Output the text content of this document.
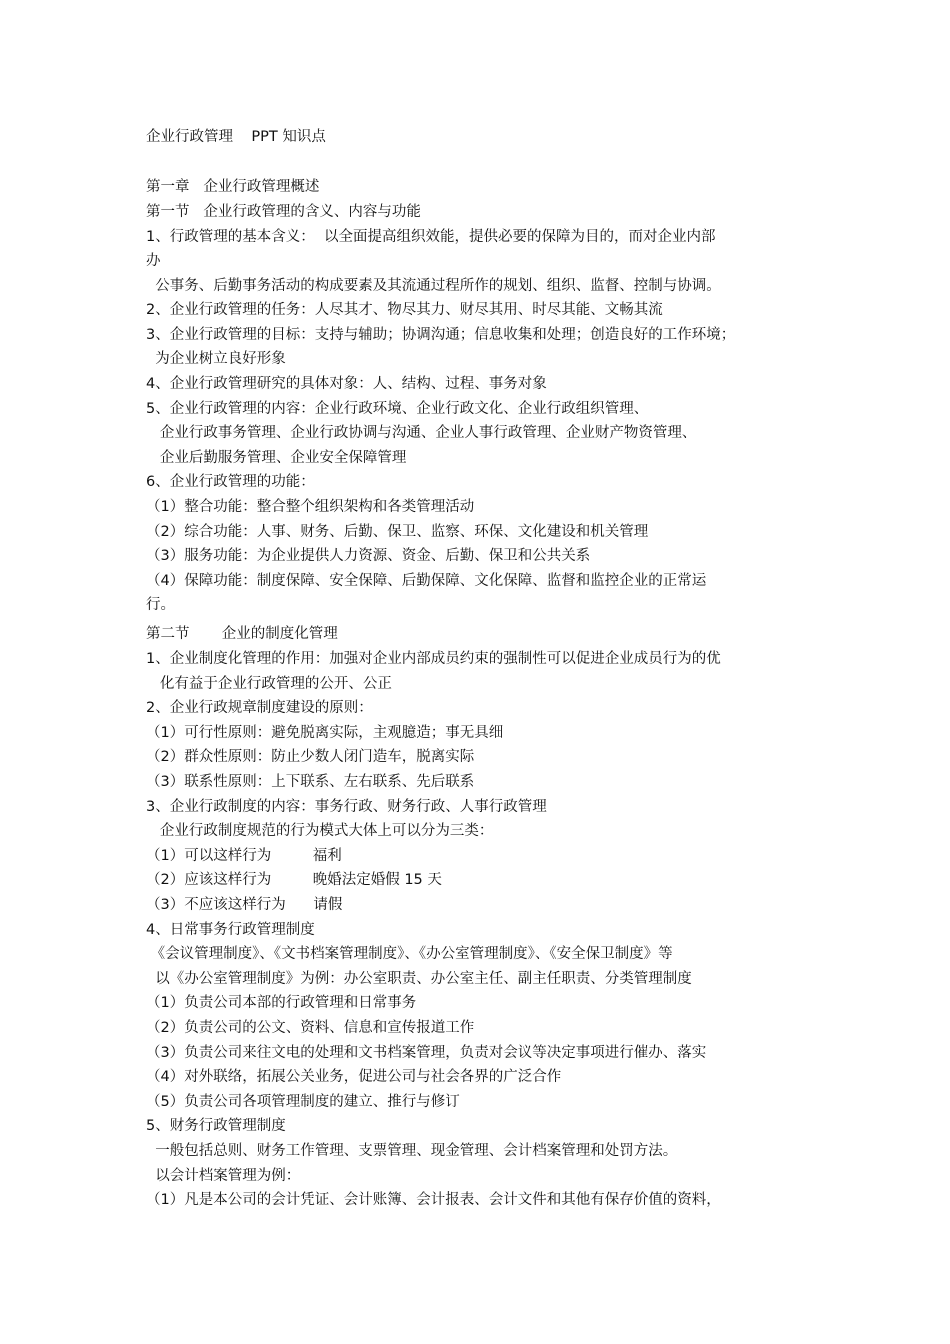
企业行政管理    PPT 知识点
第一章   企业行政管理概述
第一节   企业行政管理的含义、内容与功能
1、行政管理的基本含义：  以全面提高组织效能，提供必要的保障为目的，而对企业内部
办
公事务、后勤事务活动的构成要素及其流通过程所作的规划、组织、监督、控制与协调。
2、企业行政管理的任务：人尽其才、物尽其力、财尽其用、时尽其能、文畅其流
3、企业行政管理的目标：支持与辅助；协调沟通；信息收集和处理；创造良好的工作环境；
为企业树立良好形象
4、企业行政管理研究的具体对象：人、结构、过程、事务对象
5、企业行政管理的内容：企业行政环境、企业行政文化、企业行政组织管理、
企业行政事务管理、企业行政协调与沟通、企业人事行政管理、企业财产物资管理、
企业后勤服务管理、企业安全保障管理
6、企业行政管理的功能：
（1）整合功能：整合整个组织架构和各类管理活动
（2）综合功能：人事、财务、后勤、保卫、监察、环保、文化建设和机关管理
（3）服务功能：为企业提供人力资源、资金、后勤、保卫和公共关系
（4）保障功能：制度保障、安全保障、后勤保障、文化保障、监督和监控企业的正常运
行。
第二节       企业的制度化管理
1、企业制度化管理的作用：加强对企业内部成员约束的强制性可以促进企业成员行为的优
化有益于企业行政管理的公开、公正
2、企业行政规章制度建设的原则：
（1）可行性原则：避免脱离实际，主观臆造；事无具细
（2）群众性原则：防止少数人闭门造车，脱离实际
（3）联系性原则：上下联系、左右联系、先后联系
3、企业行政制度的内容：事务行政、财务行政、人事行政管理
企业行政制度规范的行为模式大体上可以分为三类：
（1）可以这样行为         福利
（2）应该这样行为         晚婚法定婚假 15 天
（3）不应该这样行为      请假
4、日常事务行政管理制度
《会议管理制度》、《文书档案管理制度》、《办公室管理制度》、《安全保卫制度》等
以《办公室管理制度》为例：办公室职责、办公室主任、副主任职责、分类管理制度
（1）负责公司本部的行政管理和日常事务
（2）负责公司的公文、资料、信息和宣传报道工作
（3）负责公司来往文电的处理和文书档案管理，负责对会议等决定事项进行催办、落实
（4）对外联络，拓展公关业务，促进公司与社会各界的广泛合作
（5）负责公司各项管理制度的建立、推行与修订
5、财务行政管理制度
一般包括总则、财务工作管理、支票管理、现金管理、会计档案管理和处罚方法。
以会计档案管理为例：
（1）凡是本公司的会计凭证、会计账簿、会计报表、会计文件和其他有保存价值的资料，
